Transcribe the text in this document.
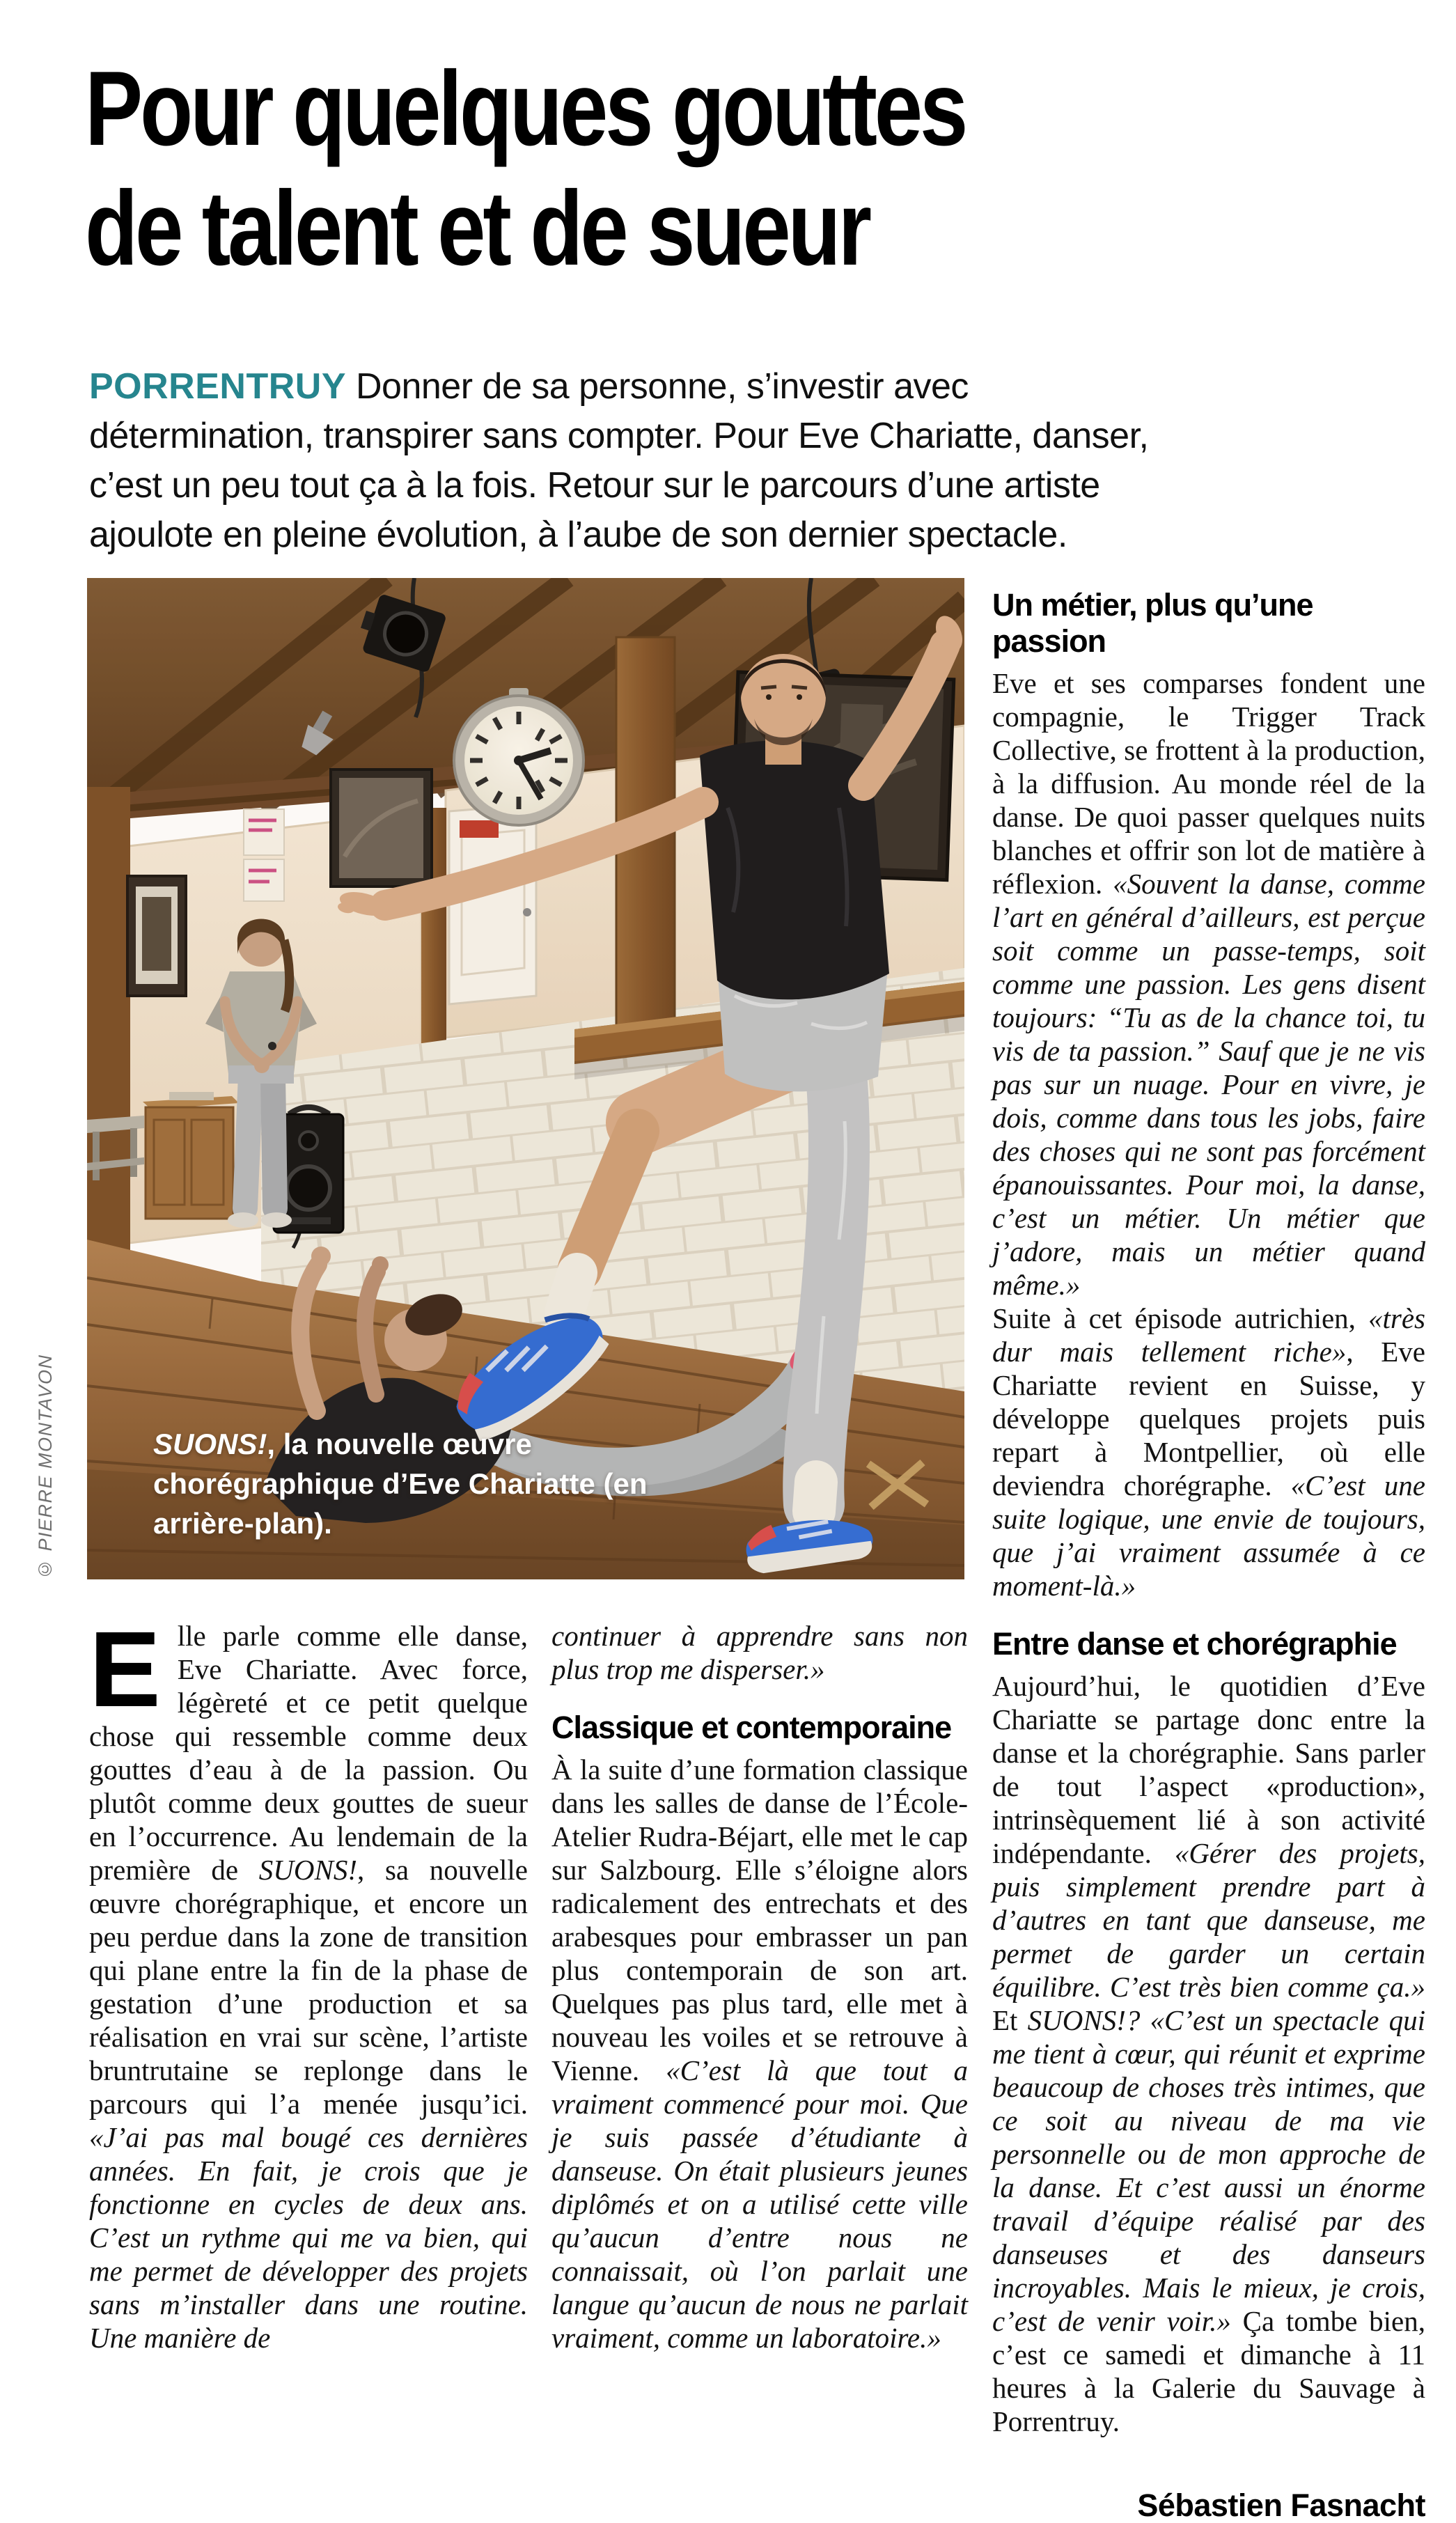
Pour quelques gouttes
de talent et de sueur

PORRENTRUY Donner de sa personne, s’investir avec détermination, transpirer sans compter. Pour Eve Chariatte, danser, c’est un peu tout ça à la fois. Retour sur le parcours d’une artiste ajoulote en pleine évolution, à l’aube de son dernier spectacle.

SUONS!, la nouvelle œuvre chorégraphique d’Eve Chariatte (en arrière-plan).
© PIERRE MONTAVON

Elle parle comme elle danse, Eve Chariatte. Avec force, légèreté et ce petit quelque chose qui ressemble comme deux gouttes d’eau à de la passion. Ou plutôt comme deux gouttes de sueur en l’occurrence. Au lendemain de la première de SUONS!, sa nouvelle œuvre chorégraphique, et encore un peu perdue dans la zone de transition qui plane entre la fin de la phase de gestation d’une production et sa réalisation en vrai sur scène, l’artiste bruntrutaine se replonge dans le parcours qui l’a menée jusqu’ici. «J’ai pas mal bougé ces dernières années. En fait, je crois que je fonctionne en cycles de deux ans. C’est un rythme qui me va bien, qui me permet de développer des projets sans m’installer dans une routine. Une manière de

continuer à apprendre sans non plus trop me disperser.»

Classique et contemporaine

À la suite d’une formation classique dans les salles de danse de l’École-Atelier Rudra-Béjart, elle met le cap sur Salzbourg. Elle s’éloigne alors radicalement des entrechats et des arabesques pour embrasser un pan plus contemporain de son art. Quelques pas plus tard, elle met à nouveau les voiles et se retrouve à Vienne. «C’est là que tout a vraiment commencé pour moi. Que je suis passée d’étudiante à danseuse. On était plusieurs jeunes diplômés et on a utilisé cette ville qu’aucun d’entre nous ne connaissait, où l’on parlait une langue qu’aucun de nous ne parlait vraiment, comme un laboratoire.»

Un métier, plus qu’une passion

Eve et ses comparses fondent une compagnie, le Trigger Track Collective, se frottent à la production, à la diffusion. Au monde réel de la danse. De quoi passer quelques nuits blanches et offrir son lot de matière à réflexion. «Souvent la danse, comme l’art en général d’ailleurs, est perçue soit comme un passe-temps, soit comme une passion. Les gens disent toujours: “Tu as de la chance toi, tu vis de ta passion.” Sauf que je ne vis pas sur un nuage. Pour en vivre, je dois, comme dans tous les jobs, faire des choses qui ne sont pas forcément épanouissantes. Pour moi, la danse, c’est un métier. Un métier que j’adore, mais un métier quand même.»

Suite à cet épisode autrichien, «très dur mais tellement riche», Eve Chariatte revient en Suisse, y développe quelques projets puis repart à Montpellier, où elle deviendra chorégraphe. «C’est une suite logique, une envie de toujours, que j’ai vraiment assumée à ce moment-là.»

Entre danse et chorégraphie

Aujourd’hui, le quotidien d’Eve Chariatte se partage donc entre la danse et la chorégraphie. Sans parler de tout l’aspect «production», intrinsèquement lié à son activité indépendante. «Gérer des projets, puis simplement prendre part à d’autres en tant que danseuse, me permet de garder un certain équilibre. C’est très bien comme ça.» Et SUONS!? «C’est un spectacle qui me tient à cœur, qui réunit et exprime beaucoup de choses très intimes, que ce soit au niveau de ma vie personnelle ou de mon approche de la danse. Et c’est aussi un énorme travail d’équipe réalisé par des danseuses et des danseurs incroyables. Mais le mieux, je crois, c’est de venir voir.» Ça tombe bien, c’est ce samedi et dimanche à 11 heures à la Galerie du Sauvage à Porrentruy.

Sébastien Fasnacht
